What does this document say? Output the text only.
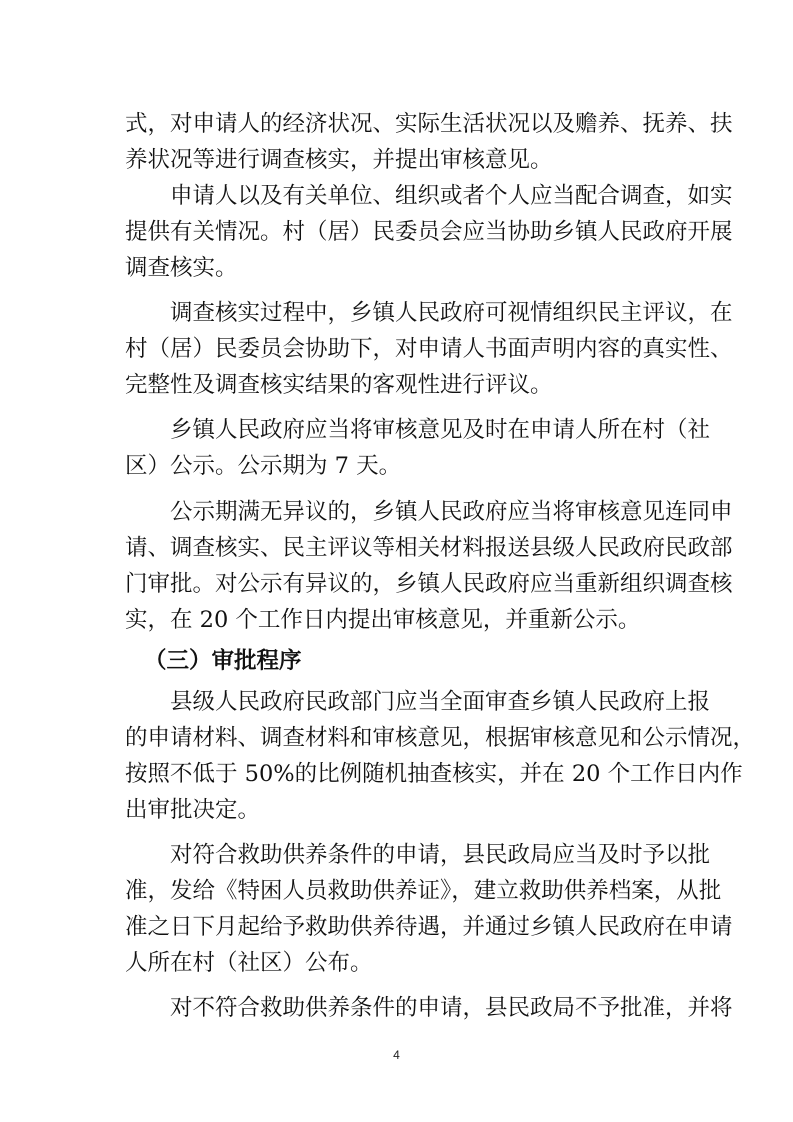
式，对申请人的经济状况、实际生活状况以及赡养、抚养、扶
养状况等进行调查核实，并提出审核意见。
申请人以及有关单位、组织或者个人应当配合调查，如实
提供有关情况。村（居）民委员会应当协助乡镇人民政府开展
调查核实。
调查核实过程中，乡镇人民政府可视情组织民主评议，在
村（居）民委员会协助下，对申请人书面声明内容的真实性、
完整性及调查核实结果的客观性进行评议。
乡镇人民政府应当将审核意见及时在申请人所在村（社
区）公示。公示期为 7 天。
公示期满无异议的，乡镇人民政府应当将审核意见连同申
请、调查核实、民主评议等相关材料报送县级人民政府民政部
门审批。对公示有异议的，乡镇人民政府应当重新组织调查核
实，在 20 个工作日内提出审核意见，并重新公示。
（三）审批程序
县级人民政府民政部门应当全面审查乡镇人民政府上报
的申请材料、调查材料和审核意见，根据审核意见和公示情况，
按照不低于 50%的比例随机抽查核实，并在 20 个工作日内作
出审批决定。
对符合救助供养条件的申请，县民政局应当及时予以批
准，发给《特困人员救助供养证》，建立救助供养档案，从批
准之日下月起给予救助供养待遇，并通过乡镇人民政府在申请
人所在村（社区）公布。
对不符合救助供养条件的申请，县民政局不予批准，并将
4
